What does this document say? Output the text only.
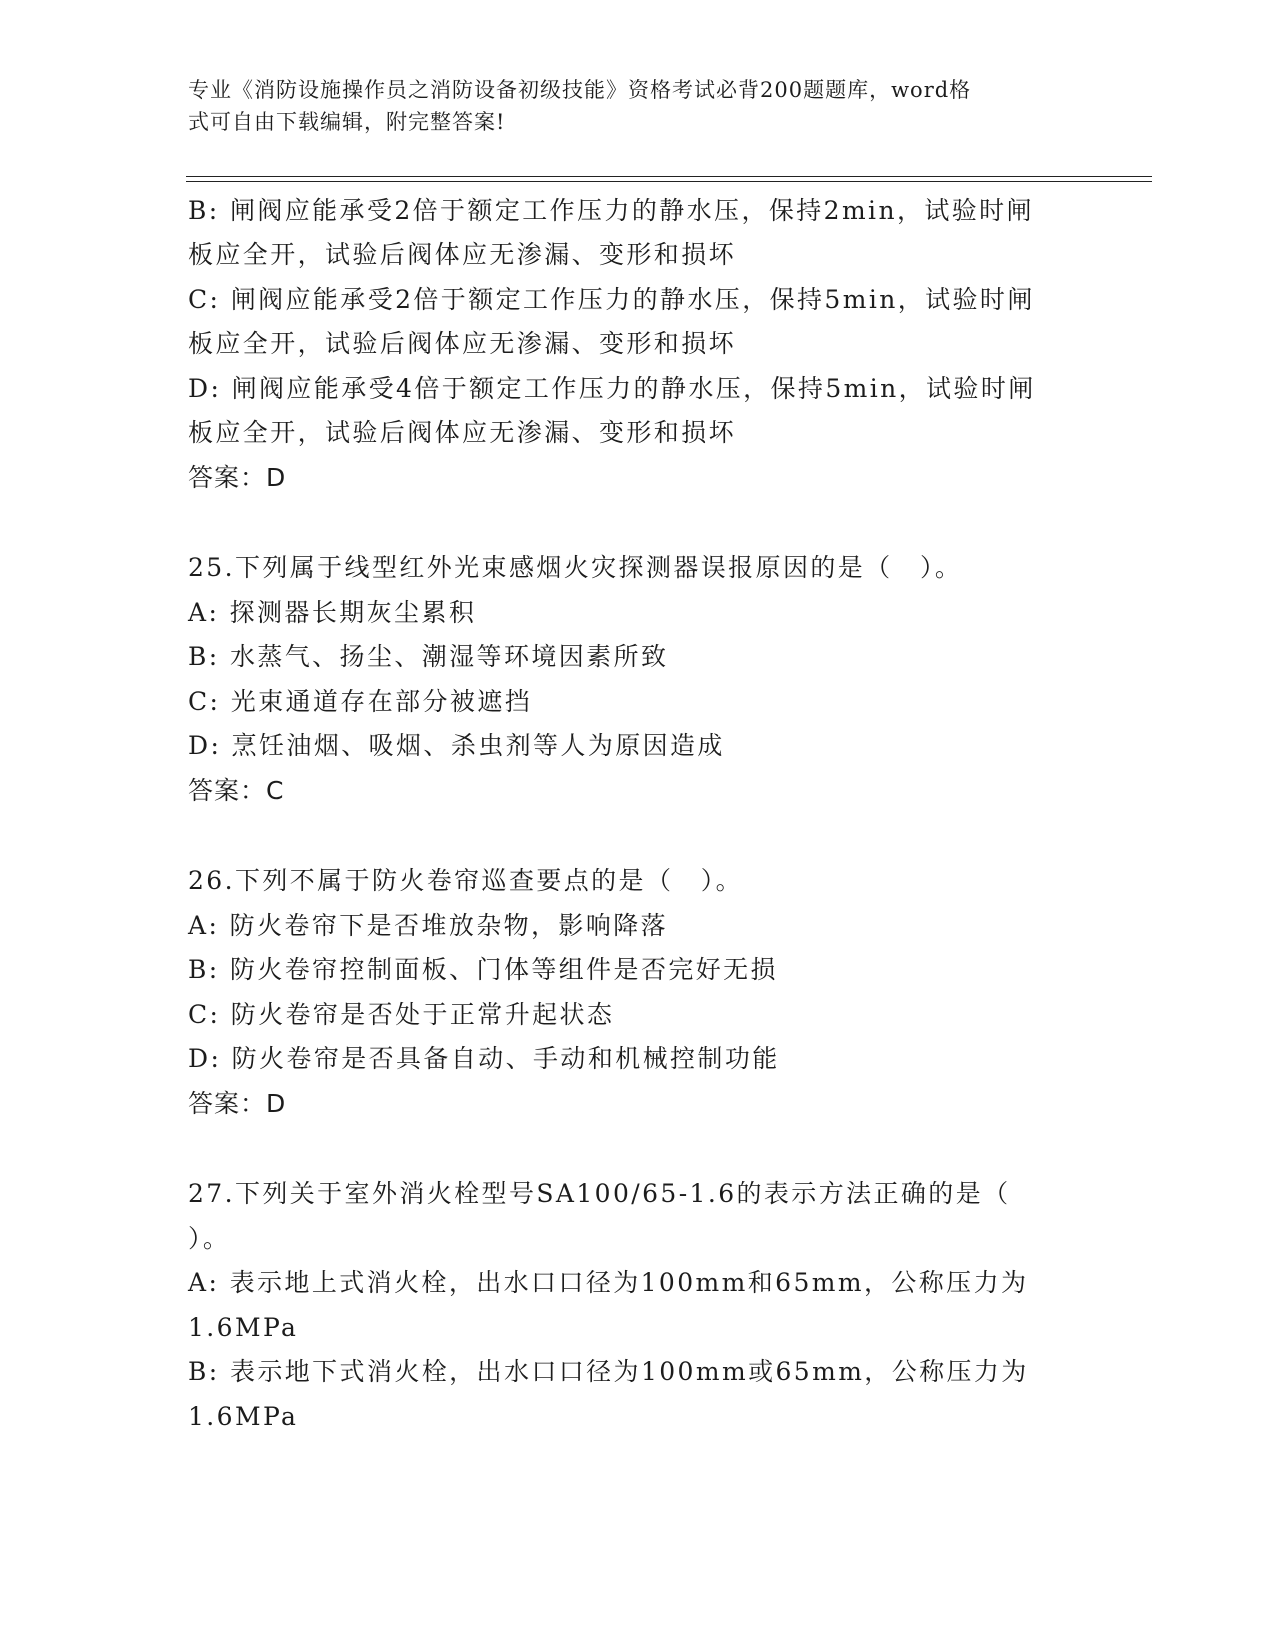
专业《消防设施操作员之消防设备初级技能》资格考试必背200题题库，word格
式可自由下载编辑，附完整答案!
B: 闸阀应能承受2倍于额定工作压力的静水压，保持2min，试验时闸
板应全开，试验后阀体应无渗漏、变形和损坏
C: 闸阀应能承受2倍于额定工作压力的静水压，保持5min，试验时闸
板应全开，试验后阀体应无渗漏、变形和损坏
D: 闸阀应能承受4倍于额定工作压力的静水压，保持5min，试验时闸
板应全开，试验后阀体应无渗漏、变形和损坏
答案：D
25.下列属于线型红外光束感烟火灾探测器误报原因的是（　）。
A: 探测器长期灰尘累积
B: 水蒸气、扬尘、潮湿等环境因素所致
C: 光束通道存在部分被遮挡
D: 烹饪油烟、吸烟、杀虫剂等人为原因造成
答案：C
26.下列不属于防火卷帘巡查要点的是（　）。
A: 防火卷帘下是否堆放杂物，影响降落
B: 防火卷帘控制面板、门体等组件是否完好无损
C: 防火卷帘是否处于正常升起状态
D: 防火卷帘是否具备自动、手动和机械控制功能
答案：D
27.下列关于室外消火栓型号SA100/65-1.6的表示方法正确的是（
）。
A: 表示地上式消火栓，出水口口径为100mm和65mm，公称压力为
1.6MPa
B: 表示地下式消火栓，出水口口径为100mm或65mm，公称压力为
1.6MPa
